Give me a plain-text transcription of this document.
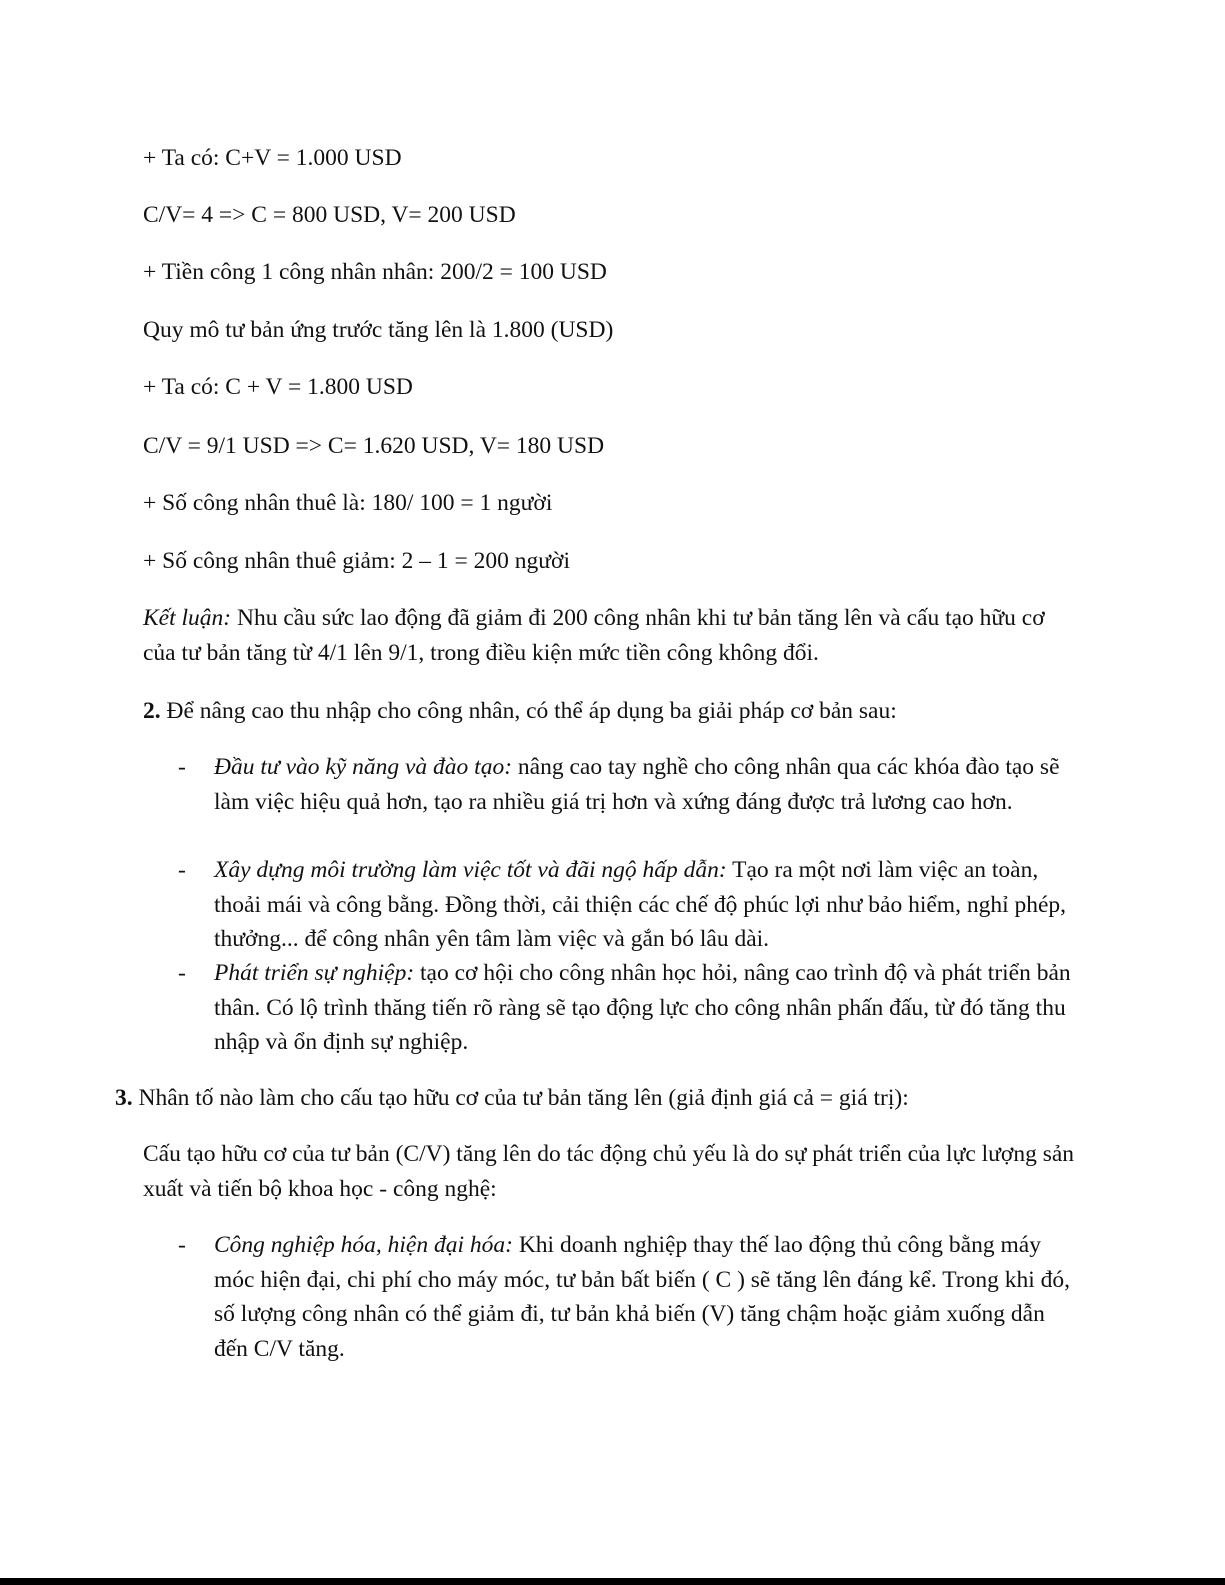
+ Ta có: C+V = 1.000 USD
C/V= 4 => C = 800 USD, V= 200 USD
+ Tiền công 1 công nhân nhân: 200/2 = 100 USD
Quy mô tư bản ứng trước tăng lên là 1.800 (USD)
+ Ta có: C + V = 1.800 USD
C/V = 9/1 USD => C= 1.620 USD, V= 180 USD
+ Số công nhân thuê là: 180/ 100 = 1 người
+ Số công nhân thuê giảm: 2 – 1 = 200 người
Kết luận: Nhu cầu sức lao động đã giảm đi 200 công nhân khi tư bản tăng lên và cấu tạo hữu cơ của tư bản tăng từ 4/1 lên 9/1, trong điều kiện mức tiền công không đổi.
2. Để nâng cao thu nhập cho công nhân, có thể áp dụng ba giải pháp cơ bản sau:
- Đầu tư vào kỹ năng và đào tạo: nâng cao tay nghề cho công nhân qua các khóa đào tạo sẽ làm việc hiệu quả hơn, tạo ra nhiều giá trị hơn và xứng đáng được trả lương cao hơn.
- Xây dựng môi trường làm việc tốt và đãi ngộ hấp dẫn: Tạo ra một nơi làm việc an toàn, thoải mái và công bằng. Đồng thời, cải thiện các chế độ phúc lợi như bảo hiểm, nghỉ phép, thưởng... để công nhân yên tâm làm việc và gắn bó lâu dài.
- Phát triển sự nghiệp: tạo cơ hội cho công nhân học hỏi, nâng cao trình độ và phát triển bản thân. Có lộ trình thăng tiến rõ ràng sẽ tạo động lực cho công nhân phấn đấu, từ đó tăng thu nhập và ổn định sự nghiệp.
3. Nhân tố nào làm cho cấu tạo hữu cơ của tư bản tăng lên (giả định giá cả = giá trị):
Cấu tạo hữu cơ của tư bản (C/V) tăng lên do tác động chủ yếu là do sự phát triển của lực lượng sản xuất và tiến bộ khoa học - công nghệ:
- Công nghiệp hóa, hiện đại hóa: Khi doanh nghiệp thay thế lao động thủ công bằng máy móc hiện đại, chi phí cho máy móc, tư bản bất biến ( C ) sẽ tăng lên đáng kể. Trong khi đó, số lượng công nhân có thể giảm đi, tư bản khả biến (V) tăng chậm hoặc giảm xuống dẫn đến C/V tăng.
